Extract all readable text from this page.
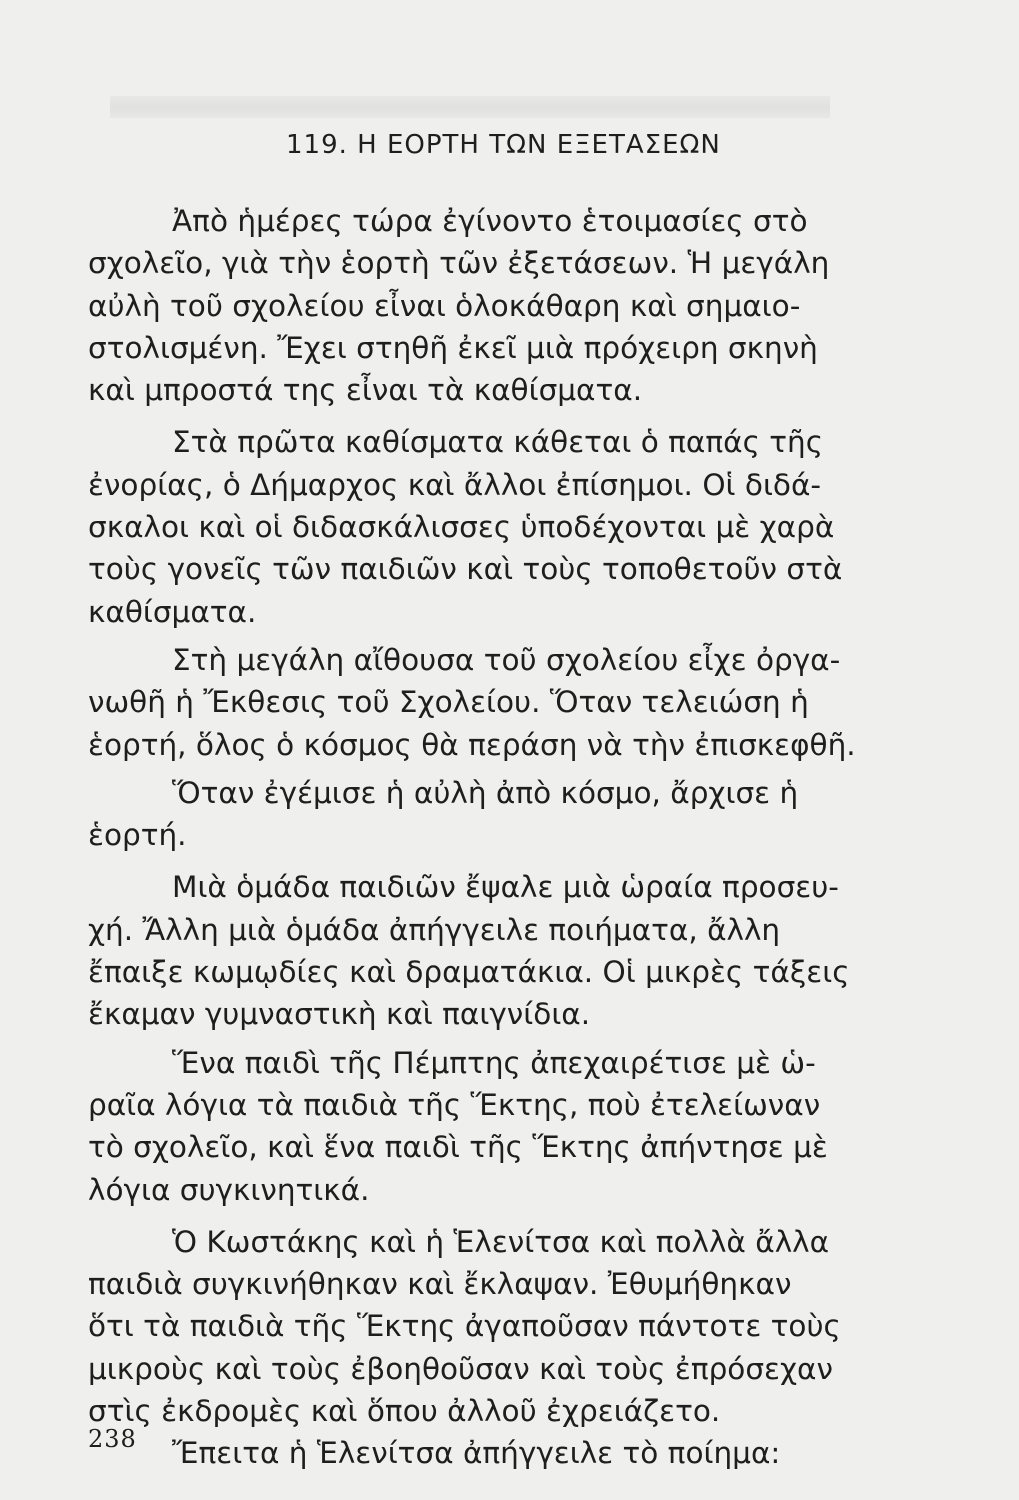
119. Η ΕΟΡΤΗ ΤΩΝ ΕΞΕΤΑΣΕΩΝ
Ἀπὸ ἡμέρες τώρα ἐγίνοντο ἑτοιμασίες στὸ
σχολεῖο, γιὰ τὴν ἑορτὴ τῶν ἐξετάσεων. Ἡ μεγάλη
αὐλὴ τοῦ σχολείου εἶναι ὁλοκάθαρη καὶ σημαιο-
στολισμένη. Ἔχει στηθῆ ἐκεῖ μιὰ πρόχειρη σκηνὴ
καὶ μπροστά της εἶναι τὰ καθίσματα.
Στὰ πρῶτα καθίσματα κάθεται ὁ παπάς τῆς
ἐνορίας, ὁ Δήμαρχος καὶ ἄλλοι ἐπίσημοι. Οἱ διδά-
σκαλοι καὶ οἱ διδασκάλισσες ὑποδέχονται μὲ χαρὰ
τοὺς γονεῖς τῶν παιδιῶν καὶ τοὺς τοποθετοῦν στὰ
καθίσματα.
Στὴ μεγάλη αἴθουσα τοῦ σχολείου εἶχε ὀργα-
νωθῆ ἡ Ἔκθεσις τοῦ Σχολείου. Ὅταν τελειώση ἡ
ἑορτή, ὅλος ὁ κόσμος θὰ περάση νὰ τὴν ἐπισκεφθῆ.
Ὅταν ἐγέμισε ἡ αὐλὴ ἀπὸ κόσμο, ἄρχισε ἡ
ἑορτή.
Μιὰ ὁμάδα παιδιῶν ἔψαλε μιὰ ὡραία προσευ-
χή. Ἄλλη μιὰ ὁμάδα ἀπήγγειλε ποιήματα, ἄλλη
ἔπαιξε κωμῳδίες καὶ δραματάκια. Οἱ μικρὲς τάξεις
ἔκαμαν γυμναστικὴ καὶ παιγνίδια.
Ἕνα παιδὶ τῆς Πέμπτης ἀπεχαιρέτισε μὲ ὡ-
ραῖα λόγια τὰ παιδιὰ τῆς Ἕκτης, ποὺ ἐτελείωναν
τὸ σχολεῖο, καὶ ἕνα παιδὶ τῆς Ἕκτης ἀπήντησε μὲ
λόγια συγκινητικά.
Ὁ Κωστάκης καὶ ἡ Ἑλενίτσα καὶ πολλὰ ἄλλα
παιδιὰ συγκινήθηκαν καὶ ἔκλαψαν. Ἐθυμήθηκαν
ὅτι τὰ παιδιὰ τῆς Ἕκτης ἀγαποῦσαν πάντοτε τοὺς
μικροὺς καὶ τοὺς ἐβοηθοῦσαν καὶ τοὺς ἐπρόσεχαν
στὶς ἐκδρομὲς καὶ ὅπου ἀλλοῦ ἐχρειάζετο.
Ἔπειτα ἡ Ἑλενίτσα ἀπήγγειλε τὸ ποίημα:
238
